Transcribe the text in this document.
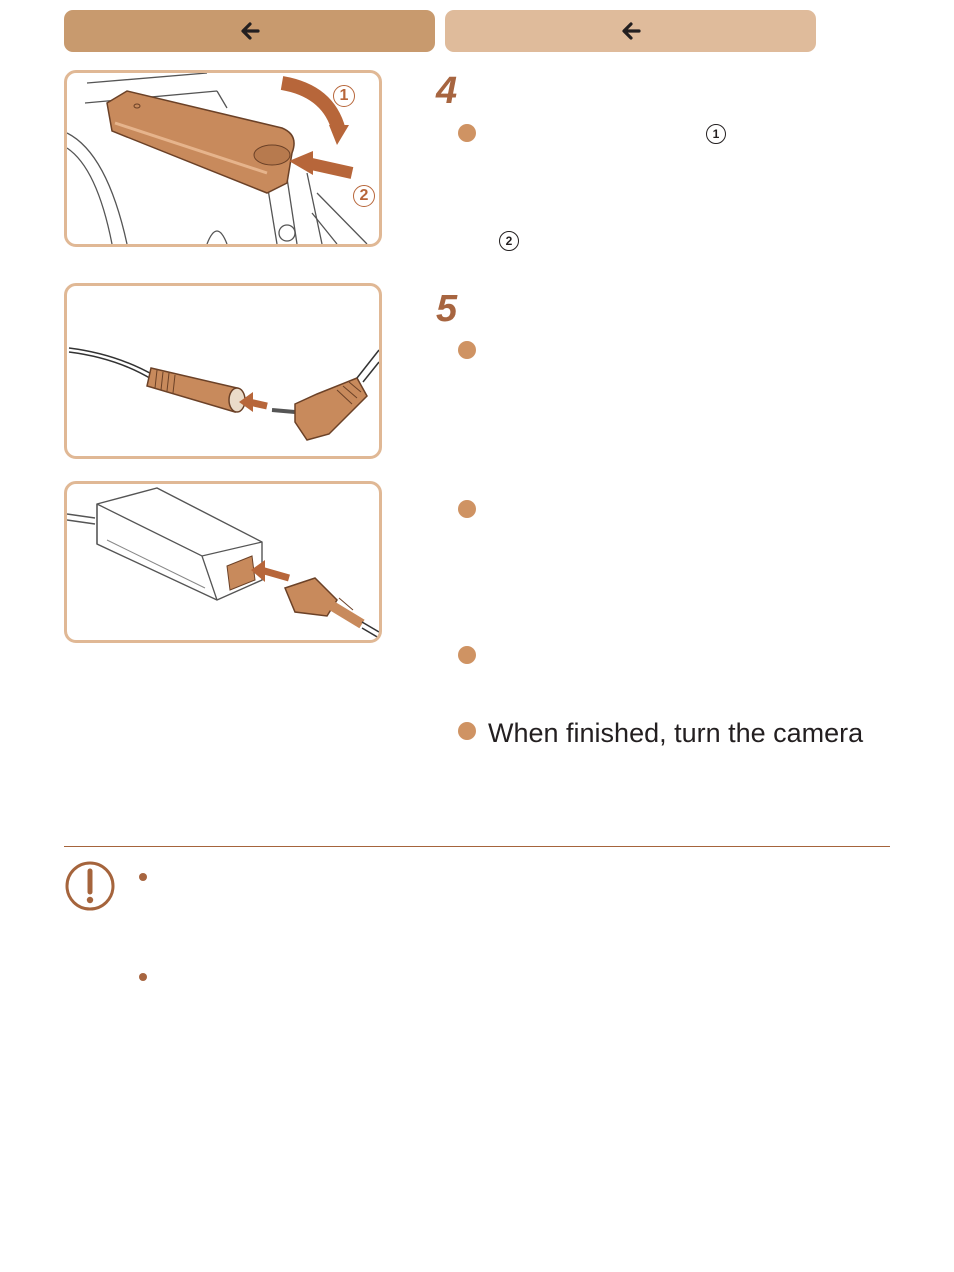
1
2
4
1
2
5
When finished, turn the camera
